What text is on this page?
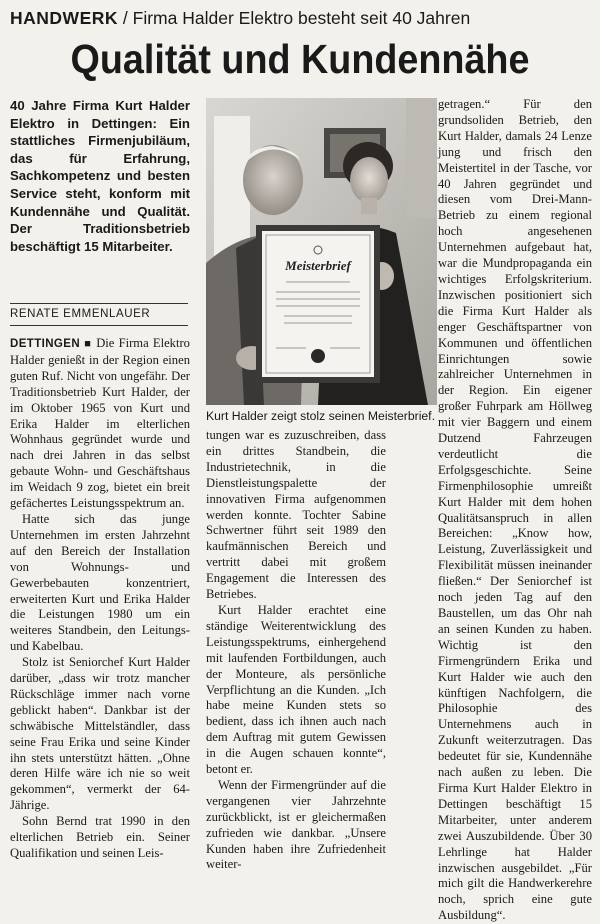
HANDWERK / Firma Halder Elektro besteht seit 40 Jahren
Qualität und Kundennähe
40 Jahre Firma Kurt Halder Elektro in Dettingen: Ein stattliches Firmenjubiläum, das für Erfahrung, Sachkompetenz und besten Service steht, konform mit Kundennähe und Qualität. Der Traditionsbetrieb beschäftigt 15 Mitarbeiter.
RENATE EMMENLAUER
Meisterbrief
Kurt Halder zeigt stolz seinen Meisterbrief.

DETTINGEN ■ Die Firma Elektro Halder genießt in der Region einen guten Ruf. Nicht von ungefähr. Der Traditionsbetrieb Kurt Halder, der im Oktober 1965 von Kurt und Erika Halder im elterlichen Wohnhaus gegründet wurde und nach drei Jahren in das selbst gebaute Wohn- und Geschäftshaus im Weidach 9 zog, bietet ein breit gefächertes Leistungsspektrum an.

Hatte sich das junge Unternehmen im ersten Jahrzehnt auf den Bereich der Installation von Wohnungs- und Gewerbebauten konzentriert, erweiterten Kurt und Erika Halder die Leistungen 1980 um ein weiteres Standbein, den Leitungs- und Kabelbau.

Stolz ist Seniorchef Kurt Halder darüber, „dass wir trotz mancher Rückschläge immer nach vorne geblickt haben“. Dankbar ist der schwäbische Mittelständler, dass seine Frau Erika und seine Kinder ihn stets unterstützt hätten. „Ohne deren Hilfe wäre ich nie so weit gekommen“, vermerkt der 64-Jährige.

Sohn Bernd trat 1990 in den elterlichen Betrieb ein. Seiner Qualifikation und seinen Leis-

tungen war es zuzuschreiben, dass ein drittes Standbein, die Industrietechnik, in die Dienstleistungspalette der innovativen Firma aufgenommen werden konnte. Tochter Sabine Schwertner führt seit 1989 den kaufmännischen Bereich und vertritt dabei mit großem Engagement die Interessen des Betriebes.

Kurt Halder erachtet eine ständige Weiterentwicklung des Leistungsspektrums, einhergehend mit laufenden Fortbildungen, auch der Monteure, als persönliche Verpflichtung an die Kunden. „Ich habe meine Kunden stets so bedient, dass ich ihnen auch nach dem Auftrag mit gutem Gewissen in die Augen schauen konnte“, betont er.

Wenn der Firmengründer auf die vergangenen vier Jahrzehnte zurückblickt, ist er gleichermaßen zufrieden wie dankbar. „Unsere Kunden haben ihre Zufriedenheit weiter-

getragen.“ Für den grundsoliden Betrieb, den Kurt Halder, damals 24 Lenze jung und frisch den Meistertitel in der Tasche, vor 40 Jahren gegründet und diesen vom Drei-Mann-Betrieb zu einem regional hoch angesehenen Unternehmen aufgebaut hat, war die Mundpropaganda ein wichtiges Erfolgskriterium. Inzwischen positioniert sich die Firma Kurt Halder als enger Geschäftspartner von Kommunen und öffentlichen Einrichtungen sowie zahlreicher Unternehmen in der Region. Ein eigener großer Fuhrpark am Höllweg mit vier Baggern und einem Dutzend Fahrzeugen verdeutlicht die Erfolgsgeschichte. Seine Firmenphilosophie umreißt Kurt Halder mit dem hohen Qualitätsanspruch in allen Bereichen: „Know how, Leistung, Zuverlässigkeit und Flexibilität müssen ineinander fließen.“ Der Seniorchef ist noch jeden Tag auf den Baustellen, um das Ohr nah an seinen Kunden zu haben. Wichtig ist den Firmengründern Erika und Kurt Halder wie auch den künftigen Nachfolgern, die Philosophie des Unternehmens auch in Zukunft weiterzutragen. Das bedeutet für sie, Kundennähe nach außen zu leben. Die Firma Kurt Halder Elektro in Dettingen beschäftigt 15 Mitarbeiter, unter anderem zwei Auszubildende. Über 30 Lehrlinge hat Halder inzwischen ausgebildet. „Für mich gilt die Handwerkerehre noch, sprich eine gute Ausbildung“.
